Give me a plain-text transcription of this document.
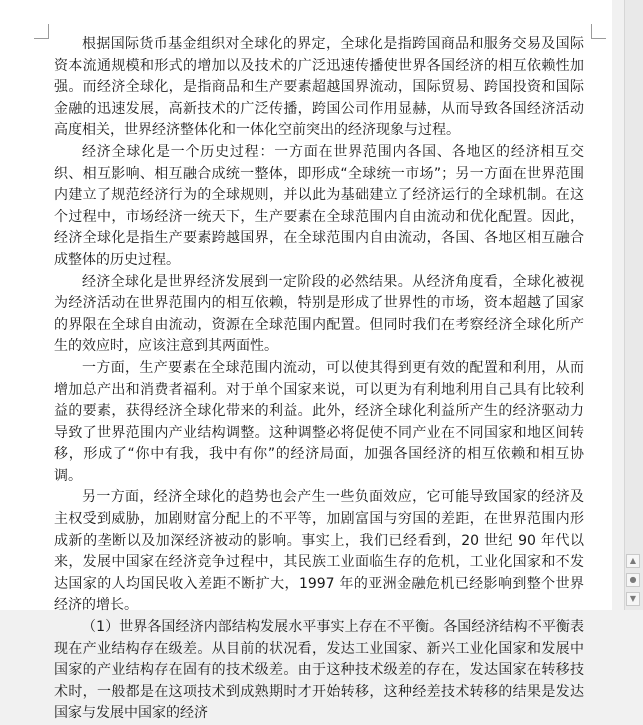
根据国际货币基金组织对全球化的界定，全球化是指跨国商品和服务交易及国际资本流通规模和形式的增加以及技术的广泛迅速传播使世界各国经济的相互依赖性加强。而经济全球化，是指商品和生产要素超越国界流动，国际贸易、跨国投资和国际金融的迅速发展，高新技术的广泛传播，跨国公司作用显赫，从而导致各国经济活动高度相关，世界经济整体化和一体化空前突出的经济现象与过程。

经济全球化是一个历史过程：一方面在世界范围内各国、各地区的经济相互交织、相互影响、相互融合成统一整体，即形成“全球统一市场”；另一方面在世界范围内建立了规范经济行为的全球规则，并以此为基础建立了经济运行的全球机制。在这个过程中，市场经济一统天下，生产要素在全球范围内自由流动和优化配置。因此，经济全球化是指生产要素跨越国界，在全球范围内自由流动，各国、各地区相互融合成整体的历史过程。

经济全球化是世界经济发展到一定阶段的必然结果。从经济角度看，全球化被视为经济活动在世界范围内的相互依赖，特别是形成了世界性的市场，资本超越了国家的界限在全球自由流动，资源在全球范围内配置。但同时我们在考察经济全球化所产生的效应时，应该注意到其两面性。

一方面，生产要素在全球范围内流动，可以使其得到更有效的配置和利用，从而增加总产出和消费者福利。对于单个国家来说，可以更为有利地利用自己具有比较利益的要素，获得经济全球化带来的利益。此外，经济全球化利益所产生的经济驱动力导致了世界范围内产业结构调整。这种调整必将促使不同产业在不同国家和地区间转移，形成了“你中有我，我中有你”的经济局面，加强各国经济的相互依赖和相互协调。

另一方面，经济全球化的趋势也会产生一些负面效应，它可能导致国家的经济及主权受到威胁，加剧财富分配上的不平等，加剧富国与穷国的差距，在世界范围内形成新的垄断以及加深经济被动的影响。事实上，我们已经看到，20 世纪 90 年代以来，发展中国家在经济竞争过程中，其民族工业面临生存的危机，工业化国家和不发达国家的人均国民收入差距不断扩大，1997 年的亚洲金融危机已经影响到整个世界经济的增长。

（1）世界各国经济内部结构发展水平事实上存在不平衡。各国经济结构不平衡表现在产业结构存在级差。从目前的状况看，发达工业国家、新兴工业化国家和发展中国家的产业结构存在固有的技术级差。由于这种技术级差的存在，发达国家在转移技术时，一般都是在这项技术到成熟期时才开始转移，这种经差技术转移的结果是发达国家与发展中国家的经济

▲
●
▼
